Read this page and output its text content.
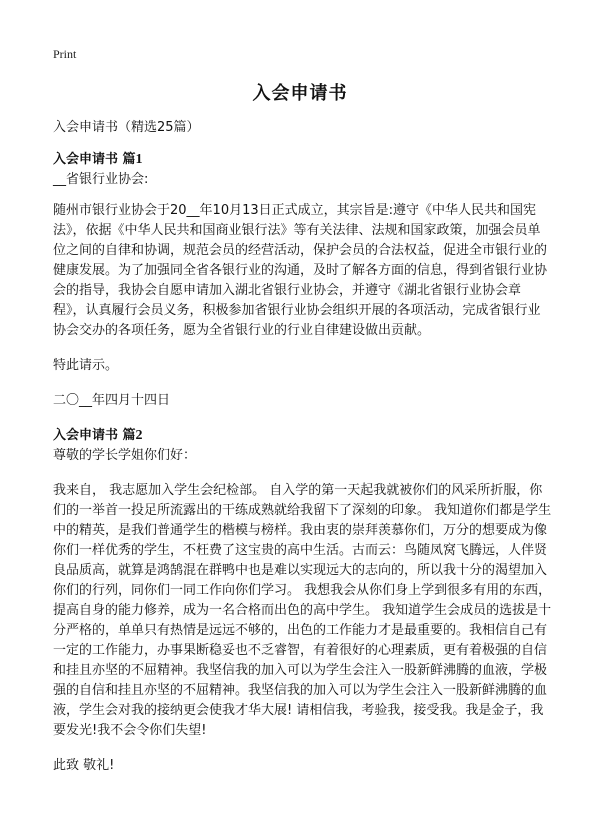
Print
入会申请书

入会申请书（精选25篇）

入会申请书 篇1

__省银行业协会:

随州市银行业协会于20__年10月13日正式成立，其宗旨是:遵守《中华人民共和国宪法》，依据《中华人民共和国商业银行法》等有关法律、法规和国家政策，加强会员单位之间的自律和协调，规范会员的经营活动，保护会员的合法权益，促进全市银行业的健康发展。为了加强同全省各银行业的沟通，及时了解各方面的信息，得到省银行业协会的指导，我协会自愿申请加入湖北省银行业协会，并遵守《湖北省银行业协会章程》，认真履行会员义务，积极参加省银行业协会组织开展的各项活动，完成省银行业协会交办的各项任务，愿为全省银行业的行业自律建设做出贡献。

特此请示。

二〇__年四月十四日

入会申请书 篇2

尊敬的学长学姐你们好：

我来自， 我志愿加入学生会纪检部。 自入学的第一天起我就被你们的风采所折服，你们的一举首一投足所流露出的干练成熟就给我留下了深刻的印象。 我知道你们都是学生中的精英，是我们普通学生的楷模与榜样。我由衷的崇拜羡慕你们，万分的想要成为像你们一样优秀的学生，不枉费了这宝贵的高中生活。古而云：鸟随凤窝飞腾远，人伴贤良品质高，就算是鸿鹄混在群鸭中也是难以实现远大的志向的，所以我十分的渴望加入你们的行列，同你们一同工作向你们学习。 我想我会从你们身上学到很多有用的东西，提高自身的能力修养，成为一名合格而出色的高中学生。 我知道学生会成员的选拔是十分严格的，单单只有热情是远远不够的，出色的工作能力才是最重要的。我相信自己有一定的工作能力，办事果断稳妥也不乏睿智，有着很好的心理素质，更有着极强的自信和挂且亦坚的不屈精神。我坚信我的加入可以为学生会注入一股新鲜沸腾的血液，学极强的自信和挂且亦坚的不屈精神。我坚信我的加入可以为学生会注入一股新鲜沸腾的血液，学生会对我的接纳更会使我才华大展! 请相信我，考验我，接受我。我是金子，我要发光!我不会令你们失望!

此致 敬礼!
